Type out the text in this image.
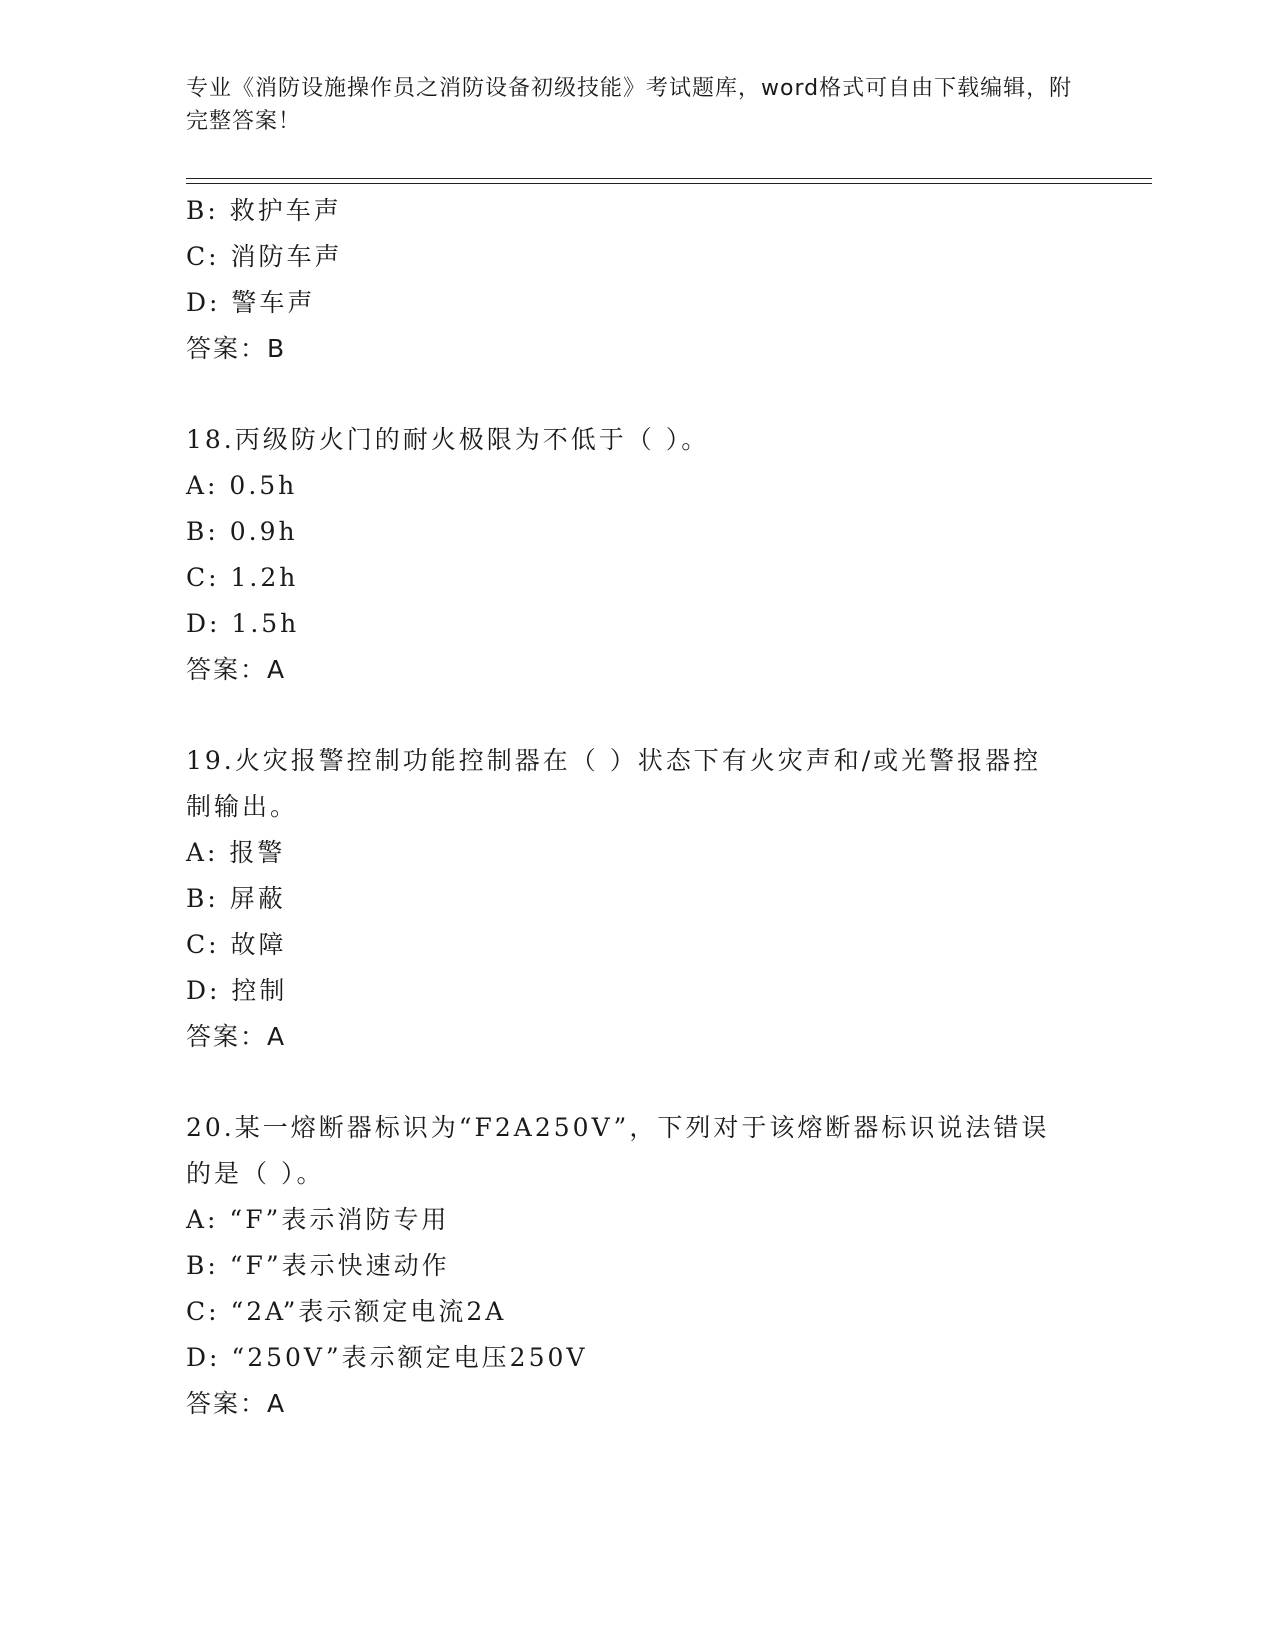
专业《消防设施操作员之消防设备初级技能》考试题库，word格式可自由下载编辑，附完整答案！
B: 救护车声
C: 消防车声
D: 警车声
答案：B
18.丙级防火门的耐火极限为不低于（ ）。
A: 0.5h
B: 0.9h
C: 1.2h
D: 1.5h
答案：A
19.火灾报警控制功能控制器在（ ）状态下有火灾声和/或光警报器控制输出。
A: 报警
B: 屏蔽
C: 故障
D: 控制
答案：A
20.某一熔断器标识为“F2A250V”，下列对于该熔断器标识说法错误的是（ ）。
A: “F”表示消防专用
B: “F”表示快速动作
C: “2A”表示额定电流2A
D: “250V”表示额定电压250V
答案：A
